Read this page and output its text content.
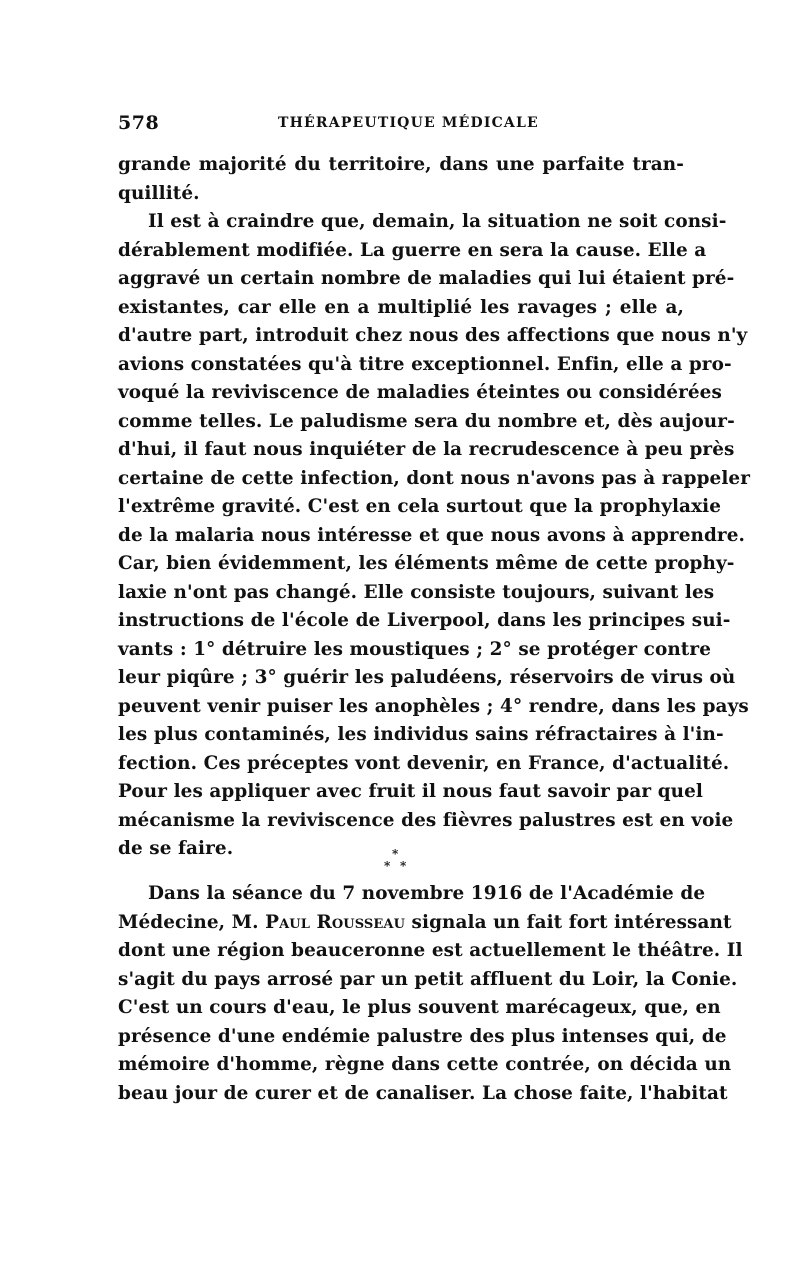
578	THÉRAPEUTIQUE MÉDICALE
grande majorité du territoire, dans une parfaite tran-
quillité.
Il est à craindre que, demain, la situation ne soit consi-
dérablement modifiée. La guerre en sera la cause. Elle a
aggravé un certain nombre de maladies qui lui étaient pré-
existantes, car elle en a multiplié les ravages ; elle a,
d'autre part, introduit chez nous des affections que nous n'y
avions constatées qu'à titre exceptionnel. Enfin, elle a pro-
voqué la reviviscence de maladies éteintes ou considérées
comme telles. Le paludisme sera du nombre et, dès aujour-
d'hui, il faut nous inquiéter de la recrudescence à peu près
certaine de cette infection, dont nous n'avons pas à rappeler
l'extrême gravité. C'est en cela surtout que la prophylaxie
de la malaria nous intéresse et que nous avons à apprendre.
Car, bien évidemment, les éléments même de cette prophy-
laxie n'ont pas changé. Elle consiste toujours, suivant les
instructions de l'école de Liverpool, dans les principes sui-
vants : 1° détruire les moustiques ; 2° se protéger contre
leur piqûre ; 3° guérir les paludéens, réservoirs de virus où
peuvent venir puiser les anophèles ; 4° rendre, dans les pays
les plus contaminés, les individus sains réfractaires à l'in-
fection. Ces préceptes vont devenir, en France, d'actualité.
Pour les appliquer avec fruit il nous faut savoir par quel
mécanisme la reviviscence des fièvres palustres est en voie
de se faire.	*
* *
Dans la séance du 7 novembre 1916 de l'Académie de
Médecine, M. Paul Rousseau signala un fait fort intéressant
dont une région beauceronne est actuellement le théâtre. Il
s'agit du pays arrosé par un petit affluent du Loir, la Conie.
C'est un cours d'eau, le plus souvent marécageux, que, en
présence d'une endémie palustre des plus intenses qui, de
mémoire d'homme, règne dans cette contrée, on décida un
beau jour de curer et de canaliser. La chose faite, l'habitat
